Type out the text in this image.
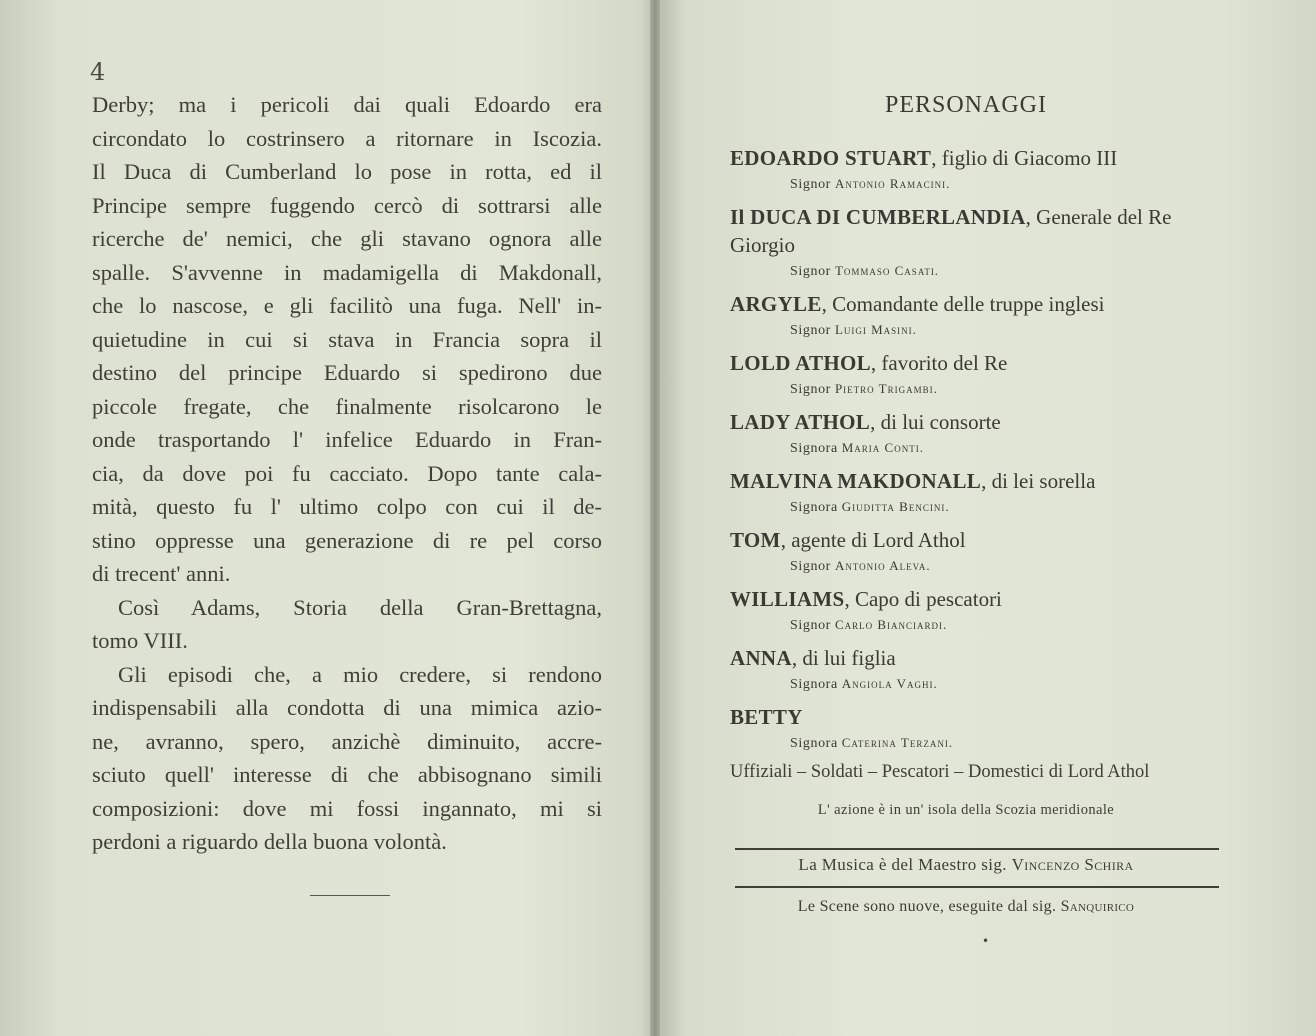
4
Derby; ma i pericoli dai quali Edoardo era
circondato lo costrinsero a ritornare in Iscozia.
Il Duca di Cumberland lo pose in rotta, ed il
Principe sempre fuggendo cercò di sottrarsi alle
ricerche de' nemici, che gli stavano ognora alle
spalle. S'avvenne in madamigella di Makdonall,
che lo nascose, e gli facilitò una fuga. Nell' in-
quietudine in cui si stava in Francia sopra il
destino del principe Eduardo si spedirono due
piccole fregate, che finalmente risolcarono le
onde trasportando l' infelice Eduardo in Fran-
cia, da dove poi fu cacciato. Dopo tante cala-
mità, questo fu l' ultimo colpo con cui il de-
stino oppresse una generazione di re pel corso
di trecent' anni.
Così Adams, Storia della Gran-Brettagna,
tomo VIII.
Gli episodi che, a mio credere, si rendono
indispensabili alla condotta di una mimica azio-
ne, avranno, spero, anzichè diminuito, accre-
sciuto quell' interesse di che abbisognano simili
composizioni: dove mi fossi ingannato, mi si
perdoni a riguardo della buona volontà.
PERSONAGGI
EDOARDO STUART, figlio di Giacomo III
Signor Antonio Ramacini.
Il DUCA DI CUMBERLANDIA, Generale del Re
Giorgio
Signor Tommaso Casati.
ARGYLE, Comandante delle truppe inglesi
Signor Luigi Masini.
LOLD ATHOL, favorito del Re
Signor Pietro Trigambi.
LADY ATHOL, di lui consorte
Signora Maria Conti.
MALVINA MAKDONALL, di lei sorella
Signora Giuditta Bencini.
TOM, agente di Lord Athol
Signor Antonio Aleva.
WILLIAMS, Capo di pescatori
Signor Carlo Bianciardi.
ANNA, di lui figlia
Signora Angiola Vaghi.
BETTY
Signora Caterina Terzani.
Uffiziali – Soldati – Pescatori – Domestici di Lord Athol
L' azione è in un' isola della Scozia meridionale
La Musica è del Maestro sig. Vincenzo Schira
Le Scene sono nuove, eseguite dal sig. Sanquirico
•
